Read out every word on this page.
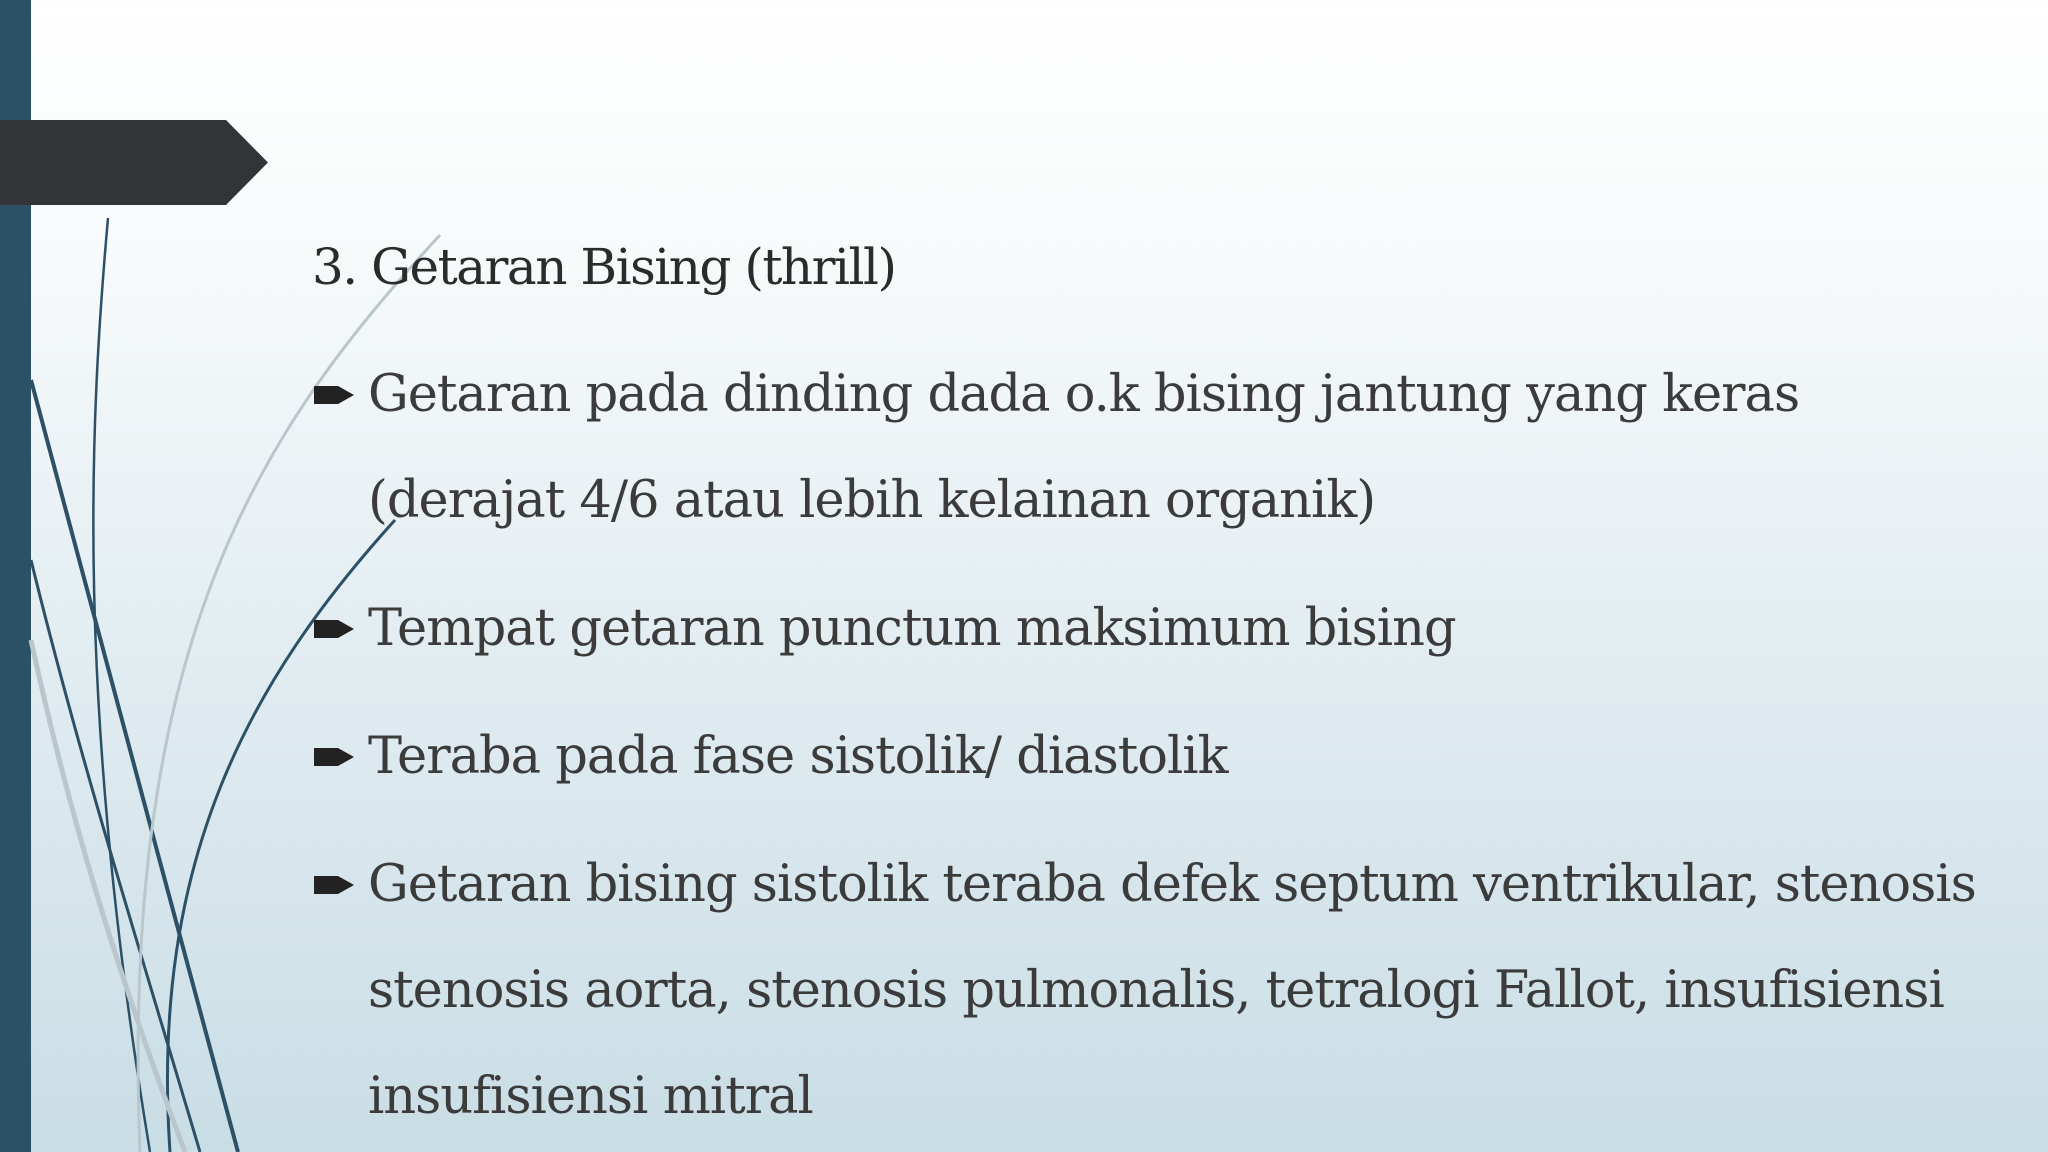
3. Getaran Bising (thrill)
Getaran pada dinding dada o.k bising jantung yang keras
(derajat 4/6 atau lebih kelainan organik)
Tempat getaran punctum maksimum bising
Teraba pada fase sistolik/ diastolik
Getaran bising sistolik teraba defek septum ventrikular, stenosis
stenosis aorta, stenosis pulmonalis, tetralogi Fallot, insufisiensi
insufisiensi mitral
